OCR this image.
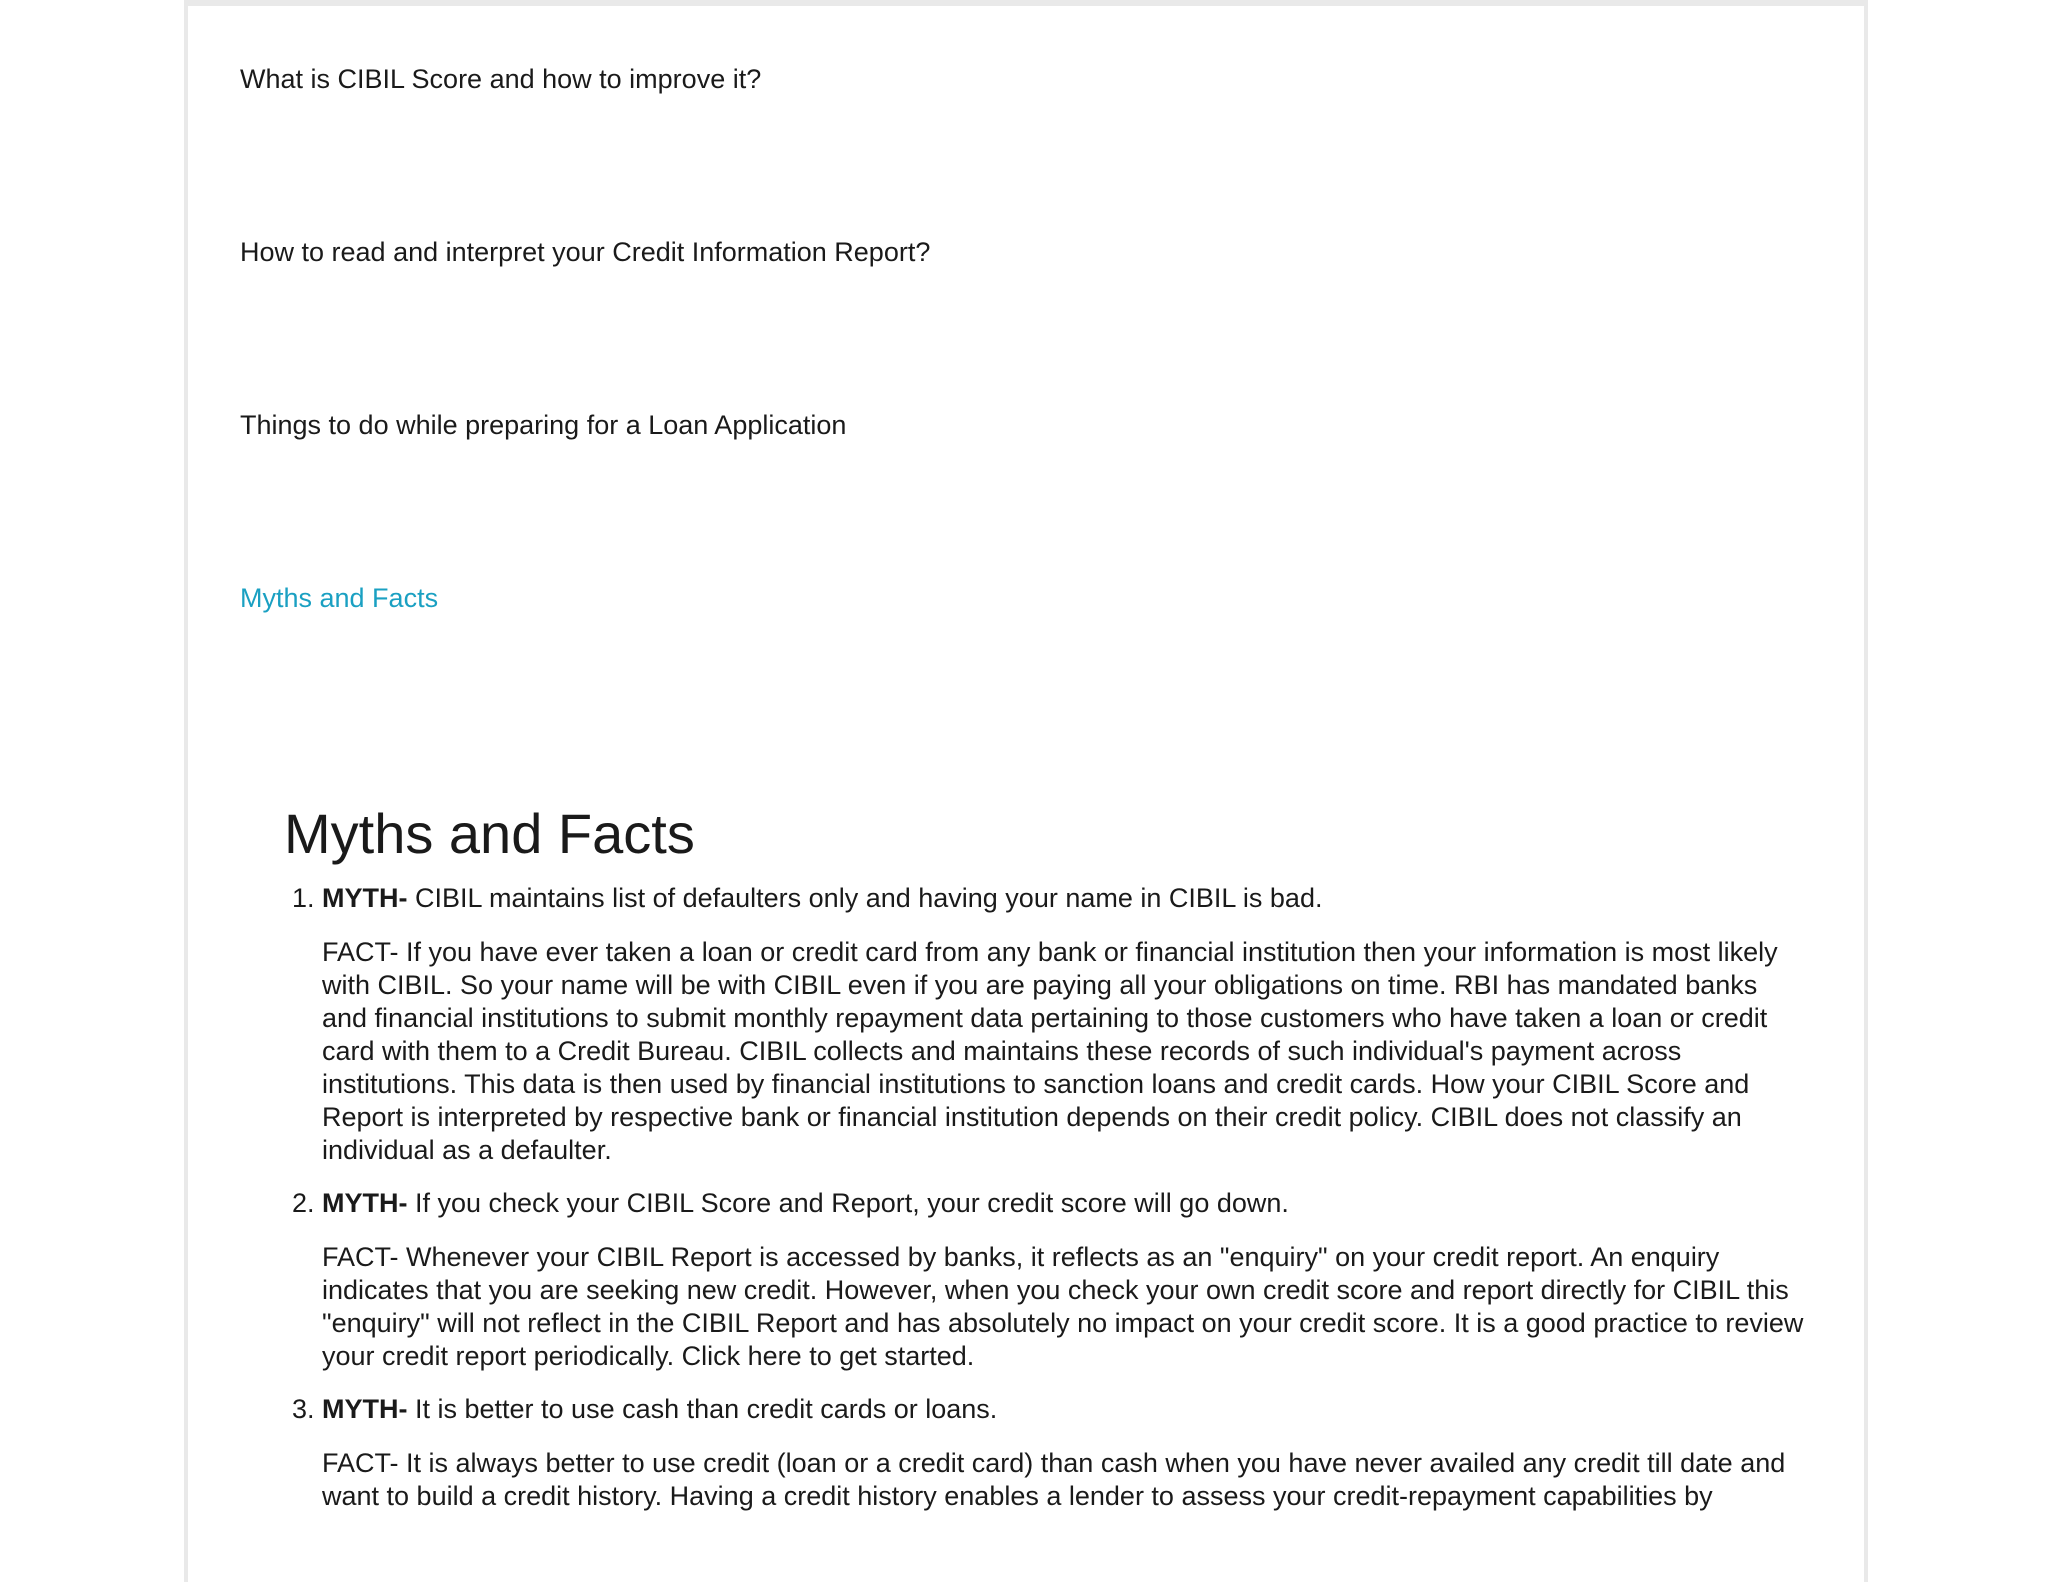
What is CIBIL Score and how to improve it?
How to read and interpret your Credit Information Report?
Things to do while preparing for a Loan Application
Myths and Facts
Myths and Facts

1. MYTH- CIBIL maintains list of defaulters only and having your name in CIBIL is bad.

FACT- If you have ever taken a loan or credit card from any bank or financial institution then your information is most likely with CIBIL. So your name will be with CIBIL even if you are paying all your obligations on time. RBI has mandated banks and financial institutions to submit monthly repayment data pertaining to those customers who have taken a loan or credit card with them to a Credit Bureau. CIBIL collects and maintains these records of such individual's payment across institutions. This data is then used by financial institutions to sanction loans and credit cards. How your CIBIL Score and Report is interpreted by respective bank or financial institution depends on their credit policy. CIBIL does not classify an individual as a defaulter.

2. MYTH- If you check your CIBIL Score and Report, your credit score will go down.

FACT- Whenever your CIBIL Report is accessed by banks, it reflects as an "enquiry" on your credit report. An enquiry indicates that you are seeking new credit. However, when you check your own credit score and report directly for CIBIL this "enquiry" will not reflect in the CIBIL Report and has absolutely no impact on your credit score. It is a good practice to review your credit report periodically. Click here to get started.

3. MYTH- It is better to use cash than credit cards or loans.

FACT- It is always better to use credit (loan or a credit card) than cash when you have never availed any credit till date and want to build a credit history. Having a credit history enables a lender to assess your credit-repayment capabilities by
